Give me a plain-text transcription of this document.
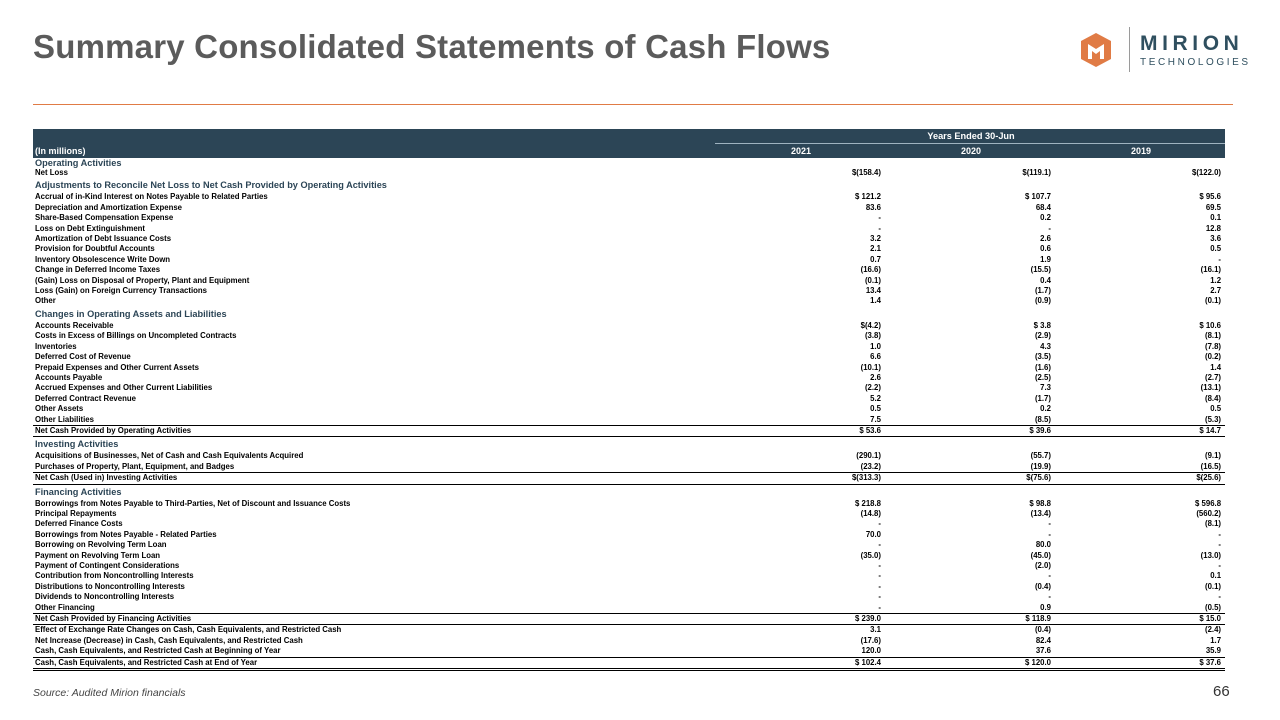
Summary Consolidated Statements of Cash Flows	MIRION
TECHNOLOGIES
	Years Ended 30-Jun		
(In millions)	2021	2020	2019
Operating Activities			
Net Loss	$(158.4)	$(119.1)	$(122.0)
Adjustments to Reconcile Net Loss to Net Cash Provided by Operating Activities			
Accrual of in-Kind Interest on Notes Payable to Related Parties	$ 121.2	$ 107.7	$ 95.6
Depreciation and Amortization Expense	83.6	68.4	69.5
Share-Based Compensation Expense	-	0.2	0.1
Loss on Debt Extinguishment	-	-	12.8
Amortization of Debt Issuance Costs	3.2	2.6	3.6
Provision for Doubtful Accounts	2.1	0.6	0.5
Inventory Obsolescence Write Down	0.7	1.9	-
Change in Deferred Income Taxes	(16.6)	(15.5)	(16.1)
(Gain) Loss on Disposal of Property, Plant and Equipment	(0.1)	0.4	1.2
Loss (Gain) on Foreign Currency Transactions	13.4	(1.7)	2.7
Other	1.4	(0.9)	(0.1)
Changes in Operating Assets and Liabilities			
Accounts Receivable	$(4.2)	$ 3.8	$ 10.6
Costs in Excess of Billings on Uncompleted Contracts	(3.8)	(2.9)	(8.1)
Inventories	1.0	4.3	(7.8)
Deferred Cost of Revenue	6.6	(3.5)	(0.2)
Prepaid Expenses and Other Current Assets	(10.1)	(1.6)	1.4
Accounts Payable	2.6	(2.5)	(2.7)
Accrued Expenses and Other Current Liabilities	(2.2)	7.3	(13.1)
Deferred Contract Revenue	5.2	(1.7)	(8.4)
Other Assets	0.5	0.2	0.5
Other Liabilities	7.5	(8.5)	(5.3)
Net Cash Provided by Operating Activities	$ 53.6	$ 39.6	$ 14.7
Investing Activities			
Acquisitions of Businesses, Net of Cash and Cash Equivalents Acquired	(290.1)	(55.7)	(9.1)
Purchases of Property, Plant, Equipment, and Badges	(23.2)	(19.9)	(16.5)
Net Cash (Used in) Investing Activities	$(313.3)	$(75.6)	$(25.6)
Financing Activities			
Borrowings from Notes Payable to Third-Parties, Net of Discount and Issuance Costs	$ 218.8	$ 98.8	$ 596.8
Principal Repayments	(14.8)	(13.4)	(560.2)
Deferred Finance Costs	-	-	(8.1)
Borrowings from Notes Payable - Related Parties	70.0	-	-
Borrowing on Revolving Term Loan	-	80.0	-
Payment on Revolving Term Loan	(35.0)	(45.0)	(13.0)
Payment of Contingent Considerations	-	(2.0)	-
Contribution from Noncontrolling Interests	-	-	0.1
Distributions to Noncontrolling Interests	-	(0.4)	(0.1)
Dividends to Noncontrolling Interests	-	-	-
Other Financing	-	0.9	(0.5)
Net Cash Provided by Financing Activities	$ 239.0	$ 118.9	$ 15.0
Effect of Exchange Rate Changes on Cash, Cash Equivalents, and Restricted Cash	3.1	(0.4)	(2.4)
Net Increase (Decrease) in Cash, Cash Equivalents, and Restricted Cash	(17.6)	82.4	1.7
Cash, Cash Equivalents, and Restricted Cash at Beginning of Year	120.0	37.6	35.9
Cash, Cash Equivalents, and Restricted Cash at End of Year	$ 102.4	$ 120.0	$ 37.6
Source: Audited Mirion financials	66
